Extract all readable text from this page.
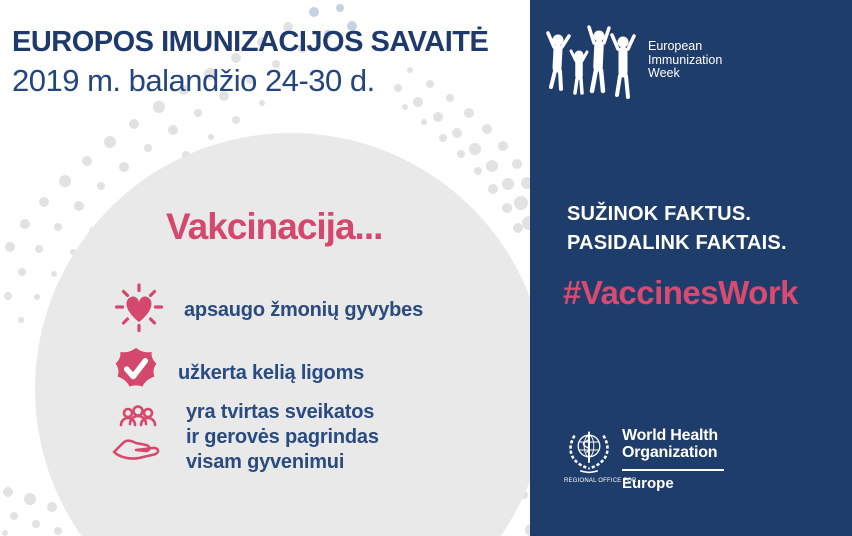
EUROPOS IMUNIZACIJOS SAVAITĖ
2019 m. balandžio 24-30 d.
Vakcinacija...
apsaugo žmonių gyvybes
užkerta kelią ligoms
yra tvirtas sveikatos
ir gerovės pagrindas
visam gyvenimui
European
Immunization
Week
SUŽINOK FAKTUS.
PASIDALINK FAKTAIS.
#VaccinesWork
World Health
Organization
REGIONAL OFFICE FOR
Europe
